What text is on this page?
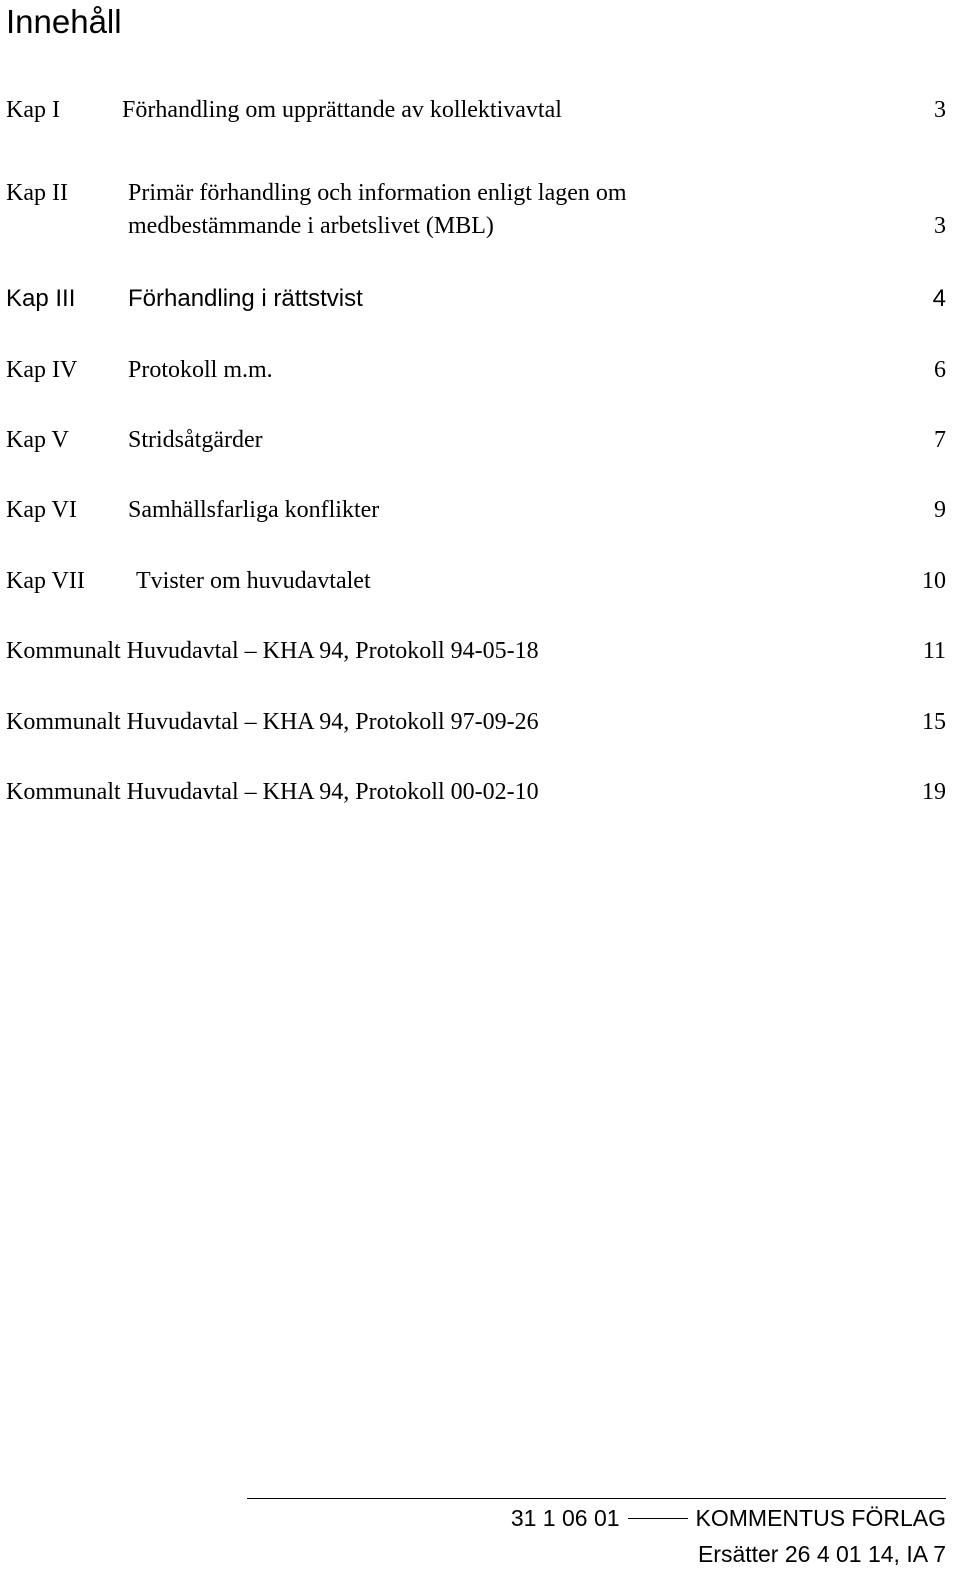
Innehåll
Kap I	Förhandling om upprättande av kollektivavtal	3
Kap II	Primär förhandling och information enligt lagen om
medbestämmande i arbetslivet (MBL)	3
Kap III Förhandling i rättstvist	4
Kap IV Protokoll m.m.	6
Kap V Stridsåtgärder	7
Kap VI Samhällsfarliga konflikter	9
Kap VII Tvister om huvudavtalet	10
Kommunalt Huvudavtal – KHA 94, Protokoll 94-05-18	11
Kommunalt Huvudavtal – KHA 94, Protokoll 97-09-26	15
Kommunalt Huvudavtal – KHA 94, Protokoll 00-02-10	19
31 1 06 01	KOMMENTUS FÖRLAG
Ersätter 26 4 01 14, IA 7
